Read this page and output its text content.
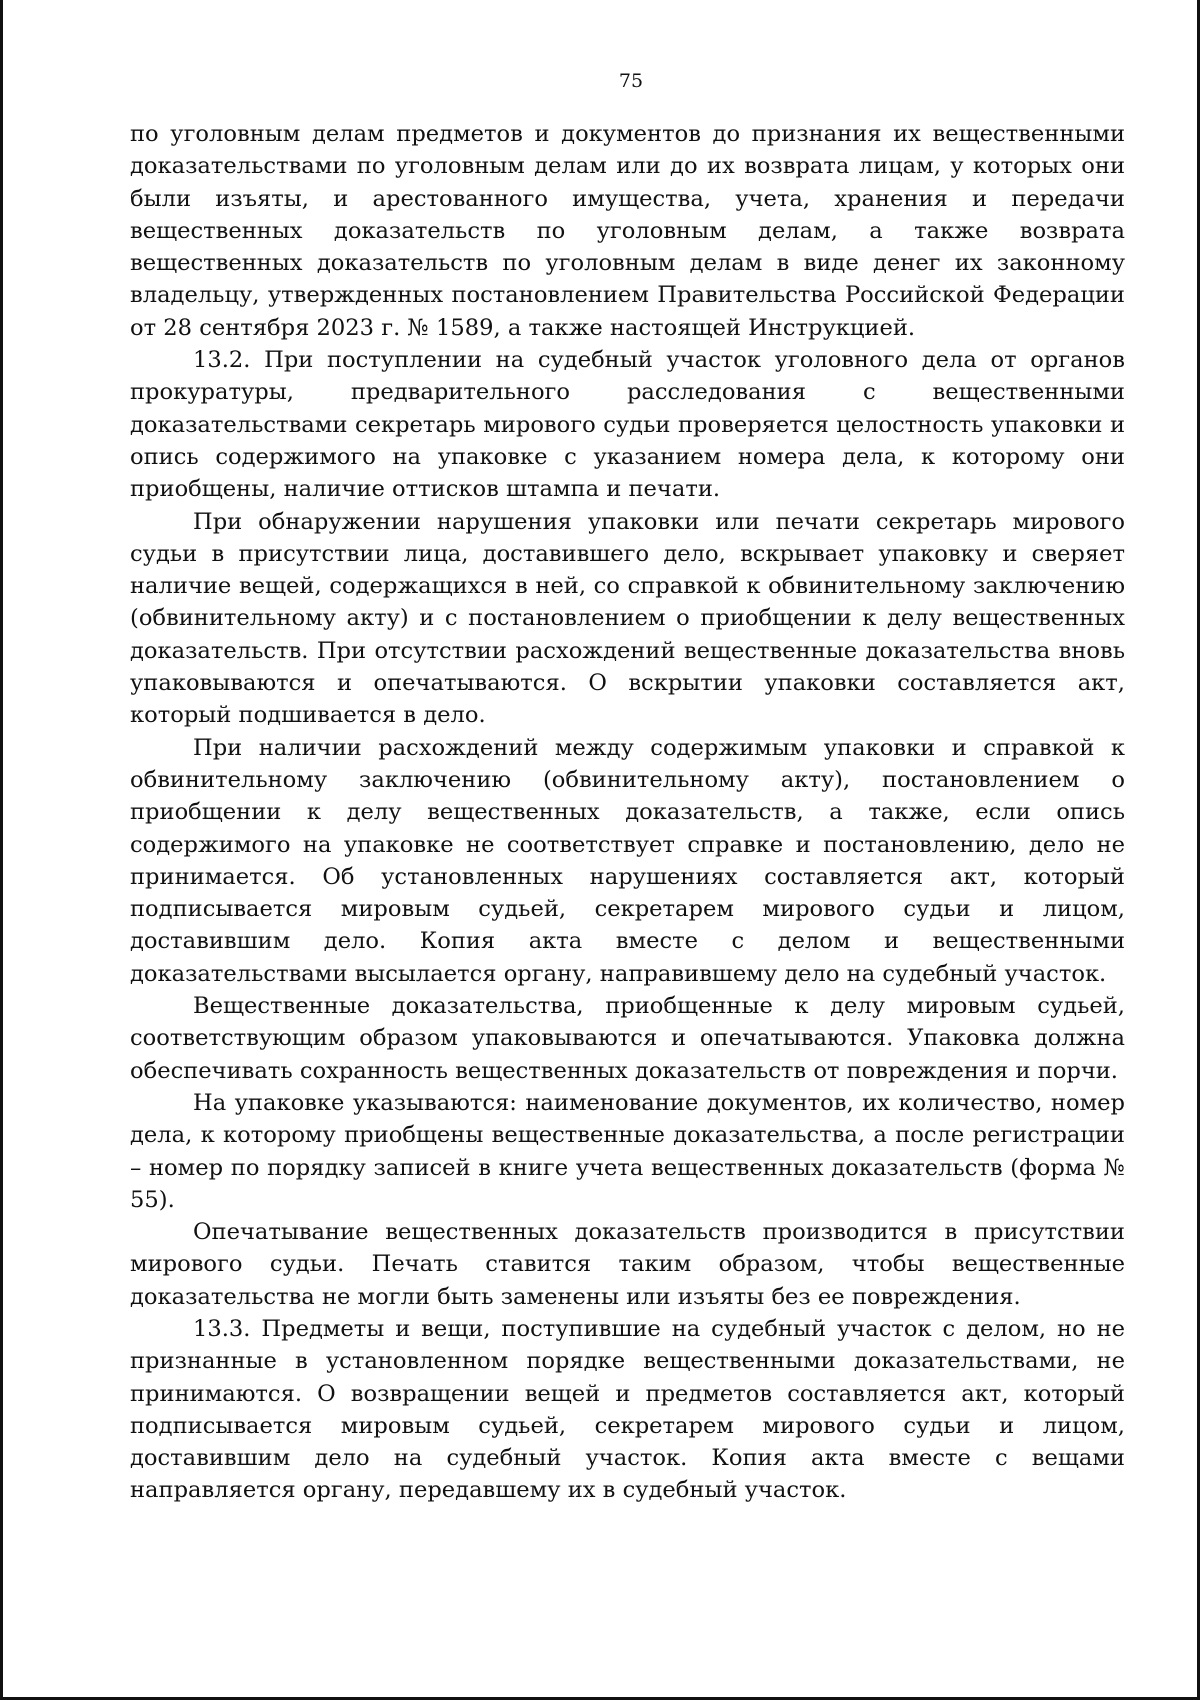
75

по уголовным делам предметов и документов до признания их вещественными доказательствами по уголовным делам или до их возврата лицам, у которых они были изъяты, и арестованного имущества, учета, хранения и передачи вещественных доказательств по уголовным делам, а также возврата вещественных доказательств по уголовным делам в виде денег их законному владельцу, утвержденных постановлением Правительства Российской Федерации от 28 сентября 2023 г. № 1589, а также настоящей Инструкцией.

13.2. При поступлении на судебный участок уголовного дела от органов прокуратуры, предварительного расследования с вещественными доказательствами секретарь мирового судьи проверяется целостность упаковки и опись содержимого на упаковке с указанием номера дела, к которому они приобщены, наличие оттисков штампа и печати.

При обнаружении нарушения упаковки или печати секретарь мирового судьи в присутствии лица, доставившего дело, вскрывает упаковку и сверяет наличие вещей, содержащихся в ней, со справкой к обвинительному заключению (обвинительному акту) и с постановлением о приобщении к делу вещественных доказательств. При отсутствии расхождений вещественные доказательства вновь упаковываются и опечатываются. О вскрытии упаковки составляется акт, который подшивается в дело.

При наличии расхождений между содержимым упаковки и справкой к обвинительному заключению (обвинительному акту), постановлением о приобщении к делу вещественных доказательств, а также, если опись содержимого на упаковке не соответствует справке и постановлению, дело не принимается. Об установленных нарушениях составляется акт, который подписывается мировым судьей, секретарем мирового судьи и лицом, доставившим дело. Копия акта вместе с делом и вещественными доказательствами высылается органу, направившему дело на судебный участок.

Вещественные доказательства, приобщенные к делу мировым судьей, соответствующим образом упаковываются и опечатываются. Упаковка должна обеспечивать сохранность вещественных доказательств от повреждения и порчи.

На упаковке указываются: наименование документов, их количество, номер дела, к которому приобщены вещественные доказательства, а после регистрации – номер по порядку записей в книге учета вещественных доказательств (форма № 55).

Опечатывание вещественных доказательств производится в присутствии мирового судьи. Печать ставится таким образом, чтобы вещественные доказательства не могли быть заменены или изъяты без ее повреждения.

13.3. Предметы и вещи, поступившие на судебный участок с делом, но не признанные в установленном порядке вещественными доказательствами, не принимаются. О возвращении вещей и предметов составляется акт, который подписывается мировым судьей, секретарем мирового судьи и лицом, доставившим дело на судебный участок. Копия акта вместе с вещами направляется органу, передавшему их в судебный участок.
